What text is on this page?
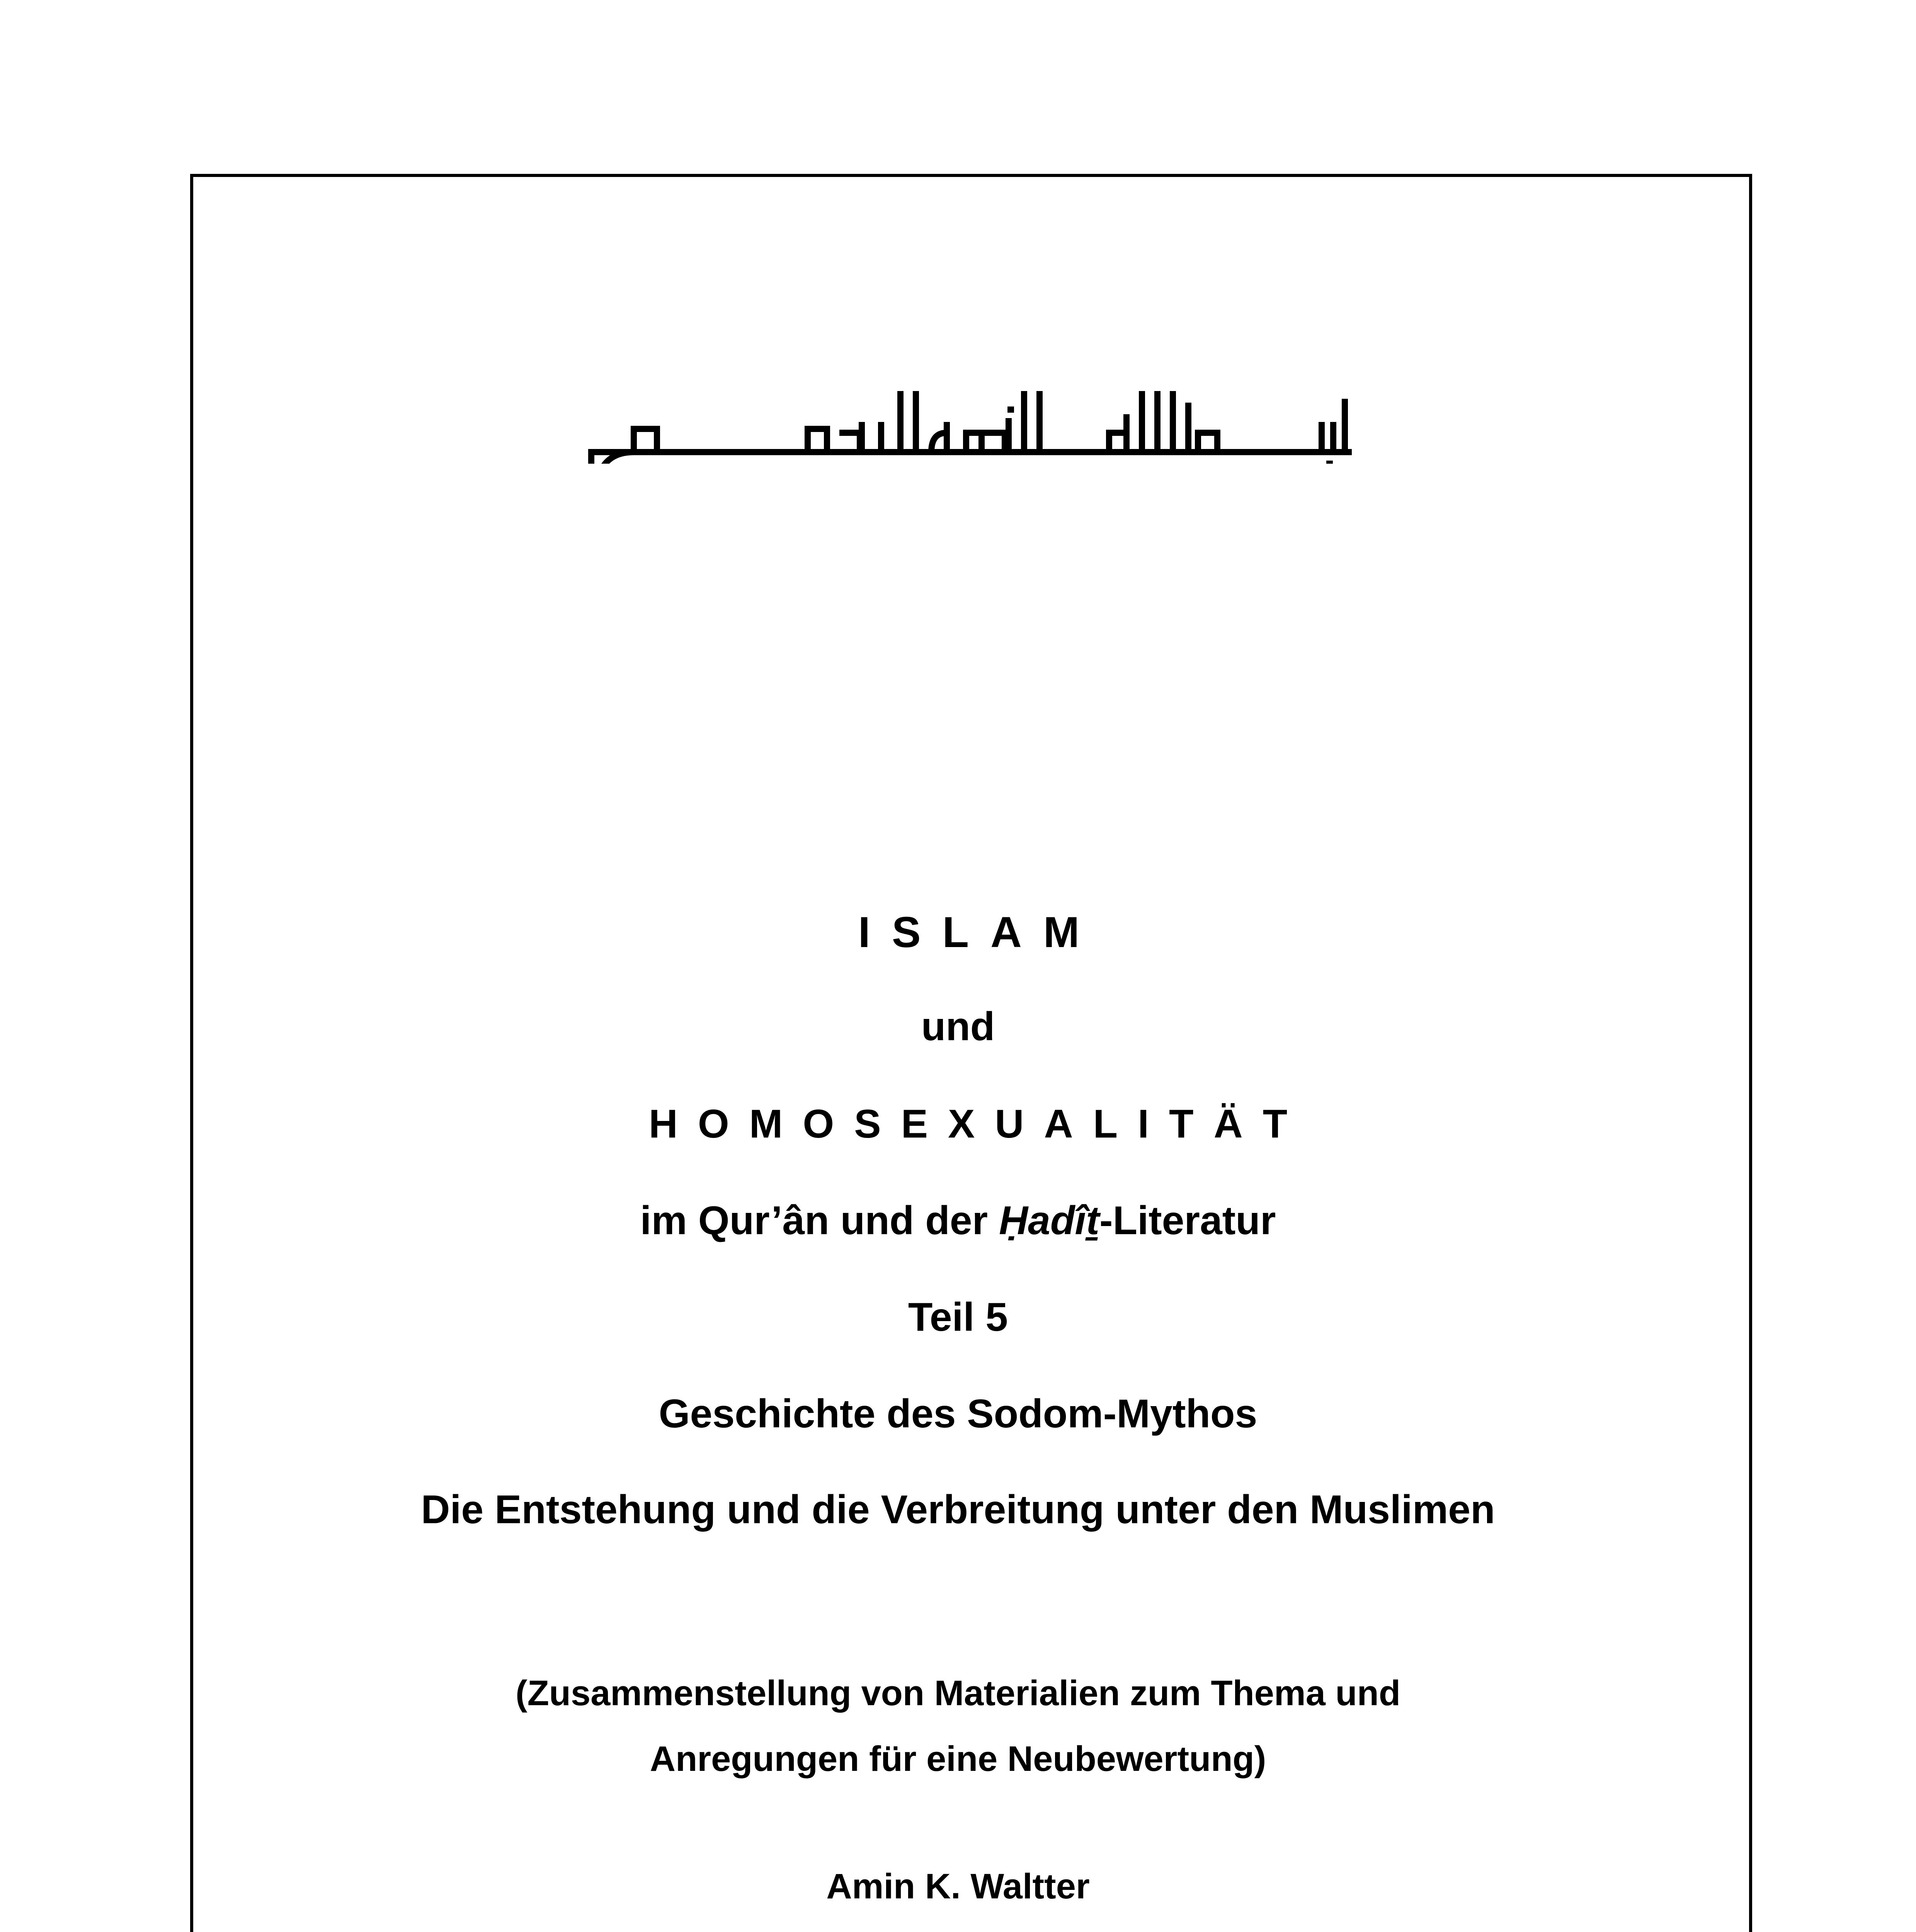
ISLAM
und
HOMOSEXUALITÄT
im Qur’ân und der Ḥadîṯ-Literatur
Teil 5
Geschichte des Sodom-Mythos
Die Entstehung und die Verbreitung unter den Muslimen
(Zusammenstellung von Materialien zum Thema und
Anregungen für eine Neubewertung)
Amin K. Waltter
